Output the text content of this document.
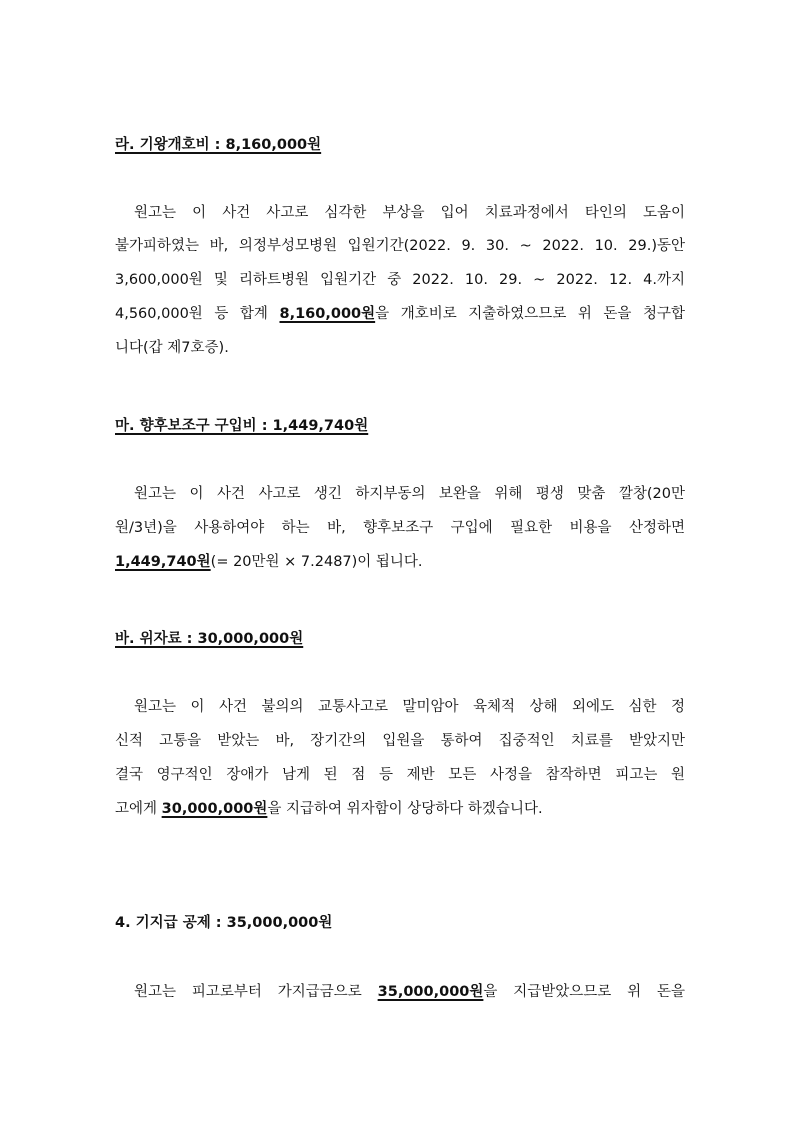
라. 기왕개호비 : 8,160,000원
원고는 이 사건 사고로 심각한 부상을 입어 치료과정에서 타인의 도움이
불가피하였는 바, 의정부성모병원 입원기간(2022. 9. 30. ~ 2022. 10. 29.)동안
3,600,000원 및 리하트병원 입원기간 중 2022. 10. 29. ~ 2022. 12. 4.까지
4,560,000원 등 합계 8,160,000원을 개호비로 지출하였으므로 위 돈을 청구합
니다(갑 제7호증).
마. 향후보조구 구입비 : 1,449,740원
원고는 이 사건 사고로 생긴 하지부동의 보완을 위해 평생 맞춤 깔창(20만
원/3년)을 사용하여야 하는 바, 향후보조구 구입에 필요한 비용을 산정하면
1,449,740원(= 20만원 × 7.2487)이 됩니다.
바. 위자료 : 30,000,000원
원고는 이 사건 불의의 교통사고로 말미암아 육체적 상해 외에도 심한 정
신적 고통을 받았는 바, 장기간의 입원을 통하여 집중적인 치료를 받았지만
결국 영구적인 장애가 남게 된 점 등 제반 모든 사정을 참작하면 피고는 원
고에게 30,000,000원을 지급하여 위자함이 상당하다 하겠습니다.
4. 기지급 공제 : 35,000,000원
원고는 피고로부터 가지급금으로 35,000,000원을 지급받았으므로 위 돈을
